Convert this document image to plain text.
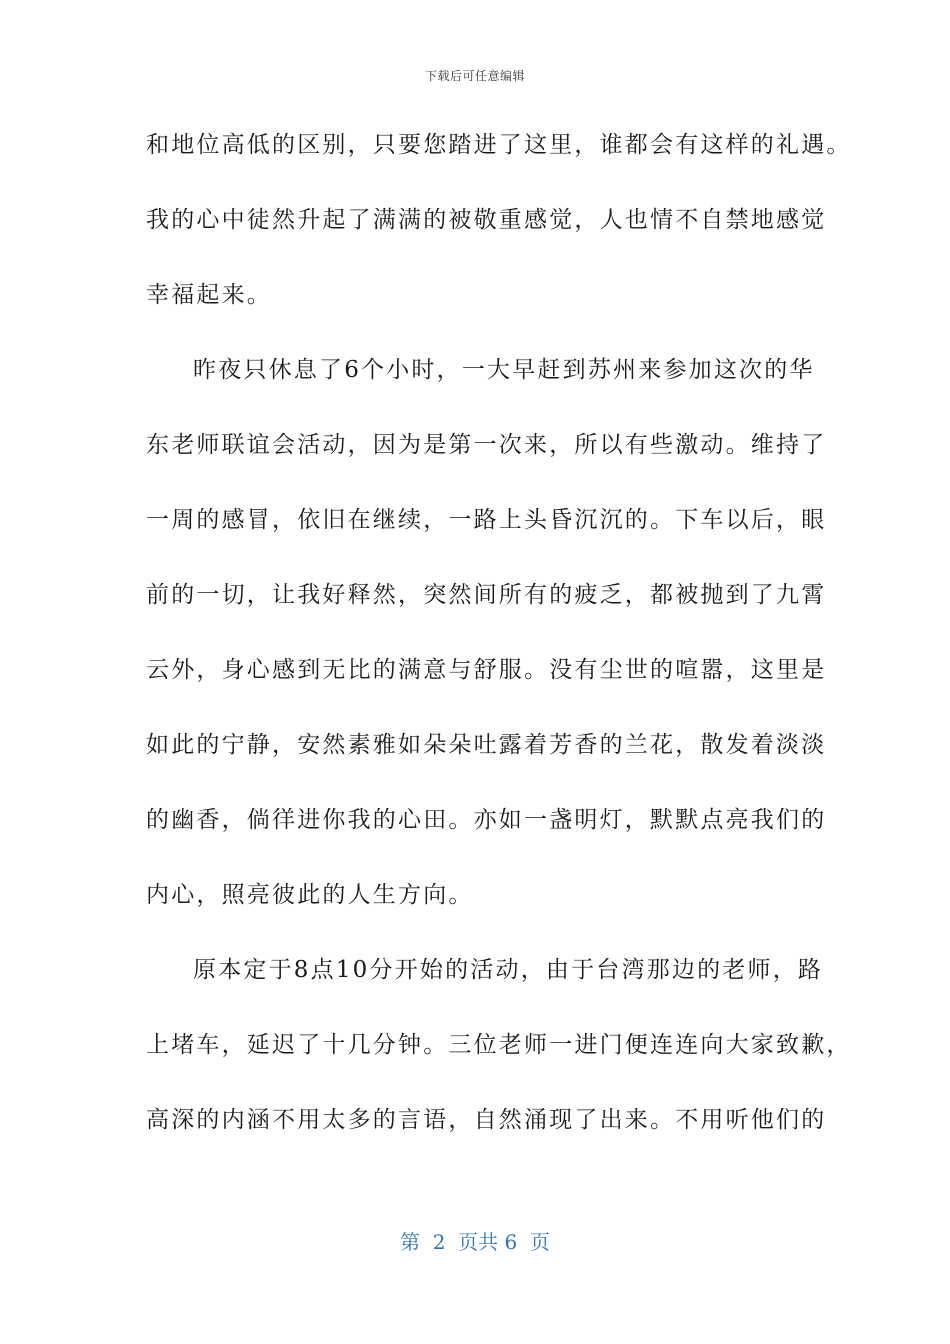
下载后可任意编辑
和地位高低的区别，只要您踏进了这里，谁都会有这样的礼遇。
我的心中徒然升起了满满的被敬重感觉，人也情不自禁地感觉
幸福起来。
昨夜只休息了6个小时，一大早赶到苏州来参加这次的华
东老师联谊会活动，因为是第一次来，所以有些激动。维持了
一周的感冒，依旧在继续，一路上头昏沉沉的。下车以后，眼
前的一切，让我好释然，突然间所有的疲乏，都被抛到了九霄
云外，身心感到无比的满意与舒服。没有尘世的喧嚣，这里是
如此的宁静，安然素雅如朵朵吐露着芳香的兰花，散发着淡淡
的幽香，倘徉进你我的心田。亦如一盏明灯，默默点亮我们的
内心，照亮彼此的人生方向。
原本定于8点10分开始的活动，由于台湾那边的老师，路
上堵车，延迟了十几分钟。三位老师一进门便连连向大家致歉，
高深的内涵不用太多的言语，自然涌现了出来。不用听他们的
第  2  页共 6  页
